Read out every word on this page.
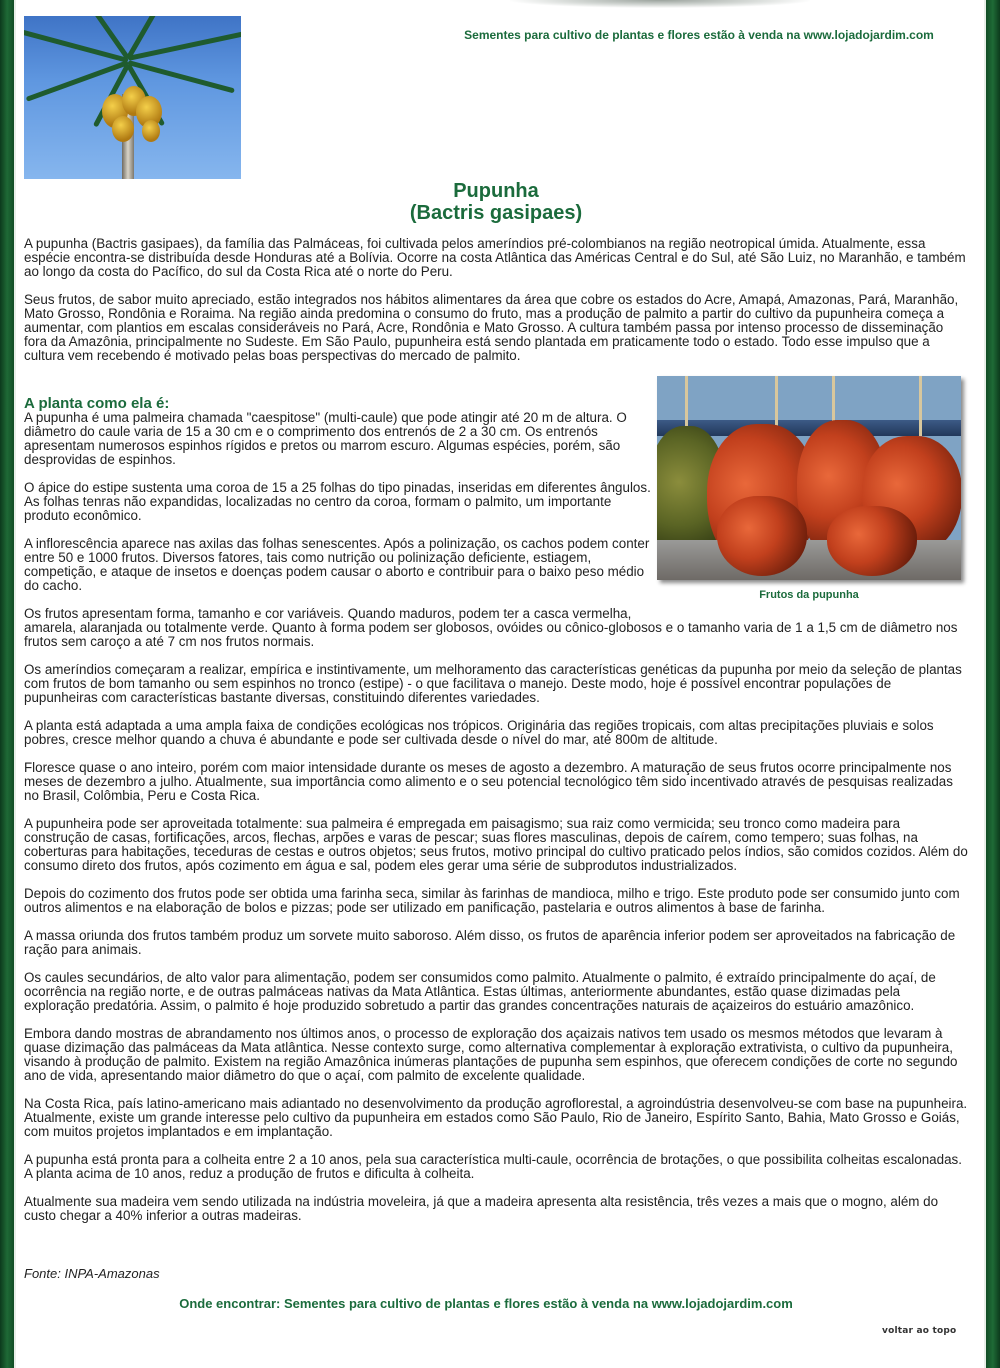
Sementes para cultivo de plantas e flores estão à venda na www.lojadojardim.com
Pupunha
(Bactris gasipaes)

A pupunha (Bactris gasipaes), da família das Palmáceas, foi cultivada pelos ameríndios pré-colombianos na região neotropical úmida. Atualmente, essa espécie encontra-se distribuída desde Honduras até a Bolívia. Ocorre na costa Atlântica das Américas Central e do Sul, até São Luiz, no Maranhão, e também ao longo da costa do Pacífico, do sul da Costa Rica até o norte do Peru.

Seus frutos, de sabor muito apreciado, estão integrados nos hábitos alimentares da área que cobre os estados do Acre, Amapá, Amazonas, Pará, Maranhão, Mato Grosso, Rondônia e Roraima. Na região ainda predomina o consumo do fruto, mas a produção de palmito a partir do cultivo da pupunheira começa a aumentar, com plantios em escalas consideráveis no Pará, Acre, Rondônia e Mato Grosso. A cultura também passa por intenso processo de disseminação fora da Amazônia, principalmente no Sudeste. Em São Paulo, pupunheira está sendo plantada em praticamente todo o estado. Todo esse impulso que a cultura vem recebendo é motivado pelas boas perspectivas do mercado de palmito.

A planta como ela é:

A pupunha é uma palmeira chamada "caespitose" (multi-caule) que pode atingir até 20 m de altura. O diâmetro do caule varia de 15 a 30 cm e o comprimento dos entrenós de 2 a 30 cm. Os entrenós apresentam numerosos espinhos rígidos e pretos ou marrom escuro. Algumas espécies, porém, são desprovidas de espinhos.

O ápice do estipe sustenta uma coroa de 15 a 25 folhas do tipo pinadas, inseridas em diferentes ângulos. As folhas tenras não expandidas, localizadas no centro da coroa, formam o palmito, um importante produto econômico.

A inflorescência aparece nas axilas das folhas senescentes. Após a polinização, os cachos podem conter entre 50 e 1000 frutos. Diversos fatores, tais como nutrição ou polinização deficiente, estiagem, competição, e ataque de insetos e doenças podem causar o aborto e contribuir para o baixo peso médio do cacho.

Frutos da pupunha

Os frutos apresentam forma, tamanho e cor variáveis. Quando maduros, podem ter a casca vermelha,

amarela, alaranjada ou totalmente verde. Quanto à forma podem ser globosos, ovóides ou cônico-globosos e o tamanho varia de 1 a 1,5 cm de diâmetro nos frutos sem caroço a até 7 cm nos frutos normais.

Os ameríndios começaram a realizar, empírica e instintivamente, um melhoramento das características genéticas da pupunha por meio da seleção de plantas com frutos de bom tamanho ou sem espinhos no tronco (estipe) - o que facilitava o manejo. Deste modo, hoje é possível encontrar populações de pupunheiras com características bastante diversas, constituindo diferentes variedades.

A planta está adaptada a uma ampla faixa de condições ecológicas nos trópicos. Originária das regiões tropicais, com altas precipitações pluviais e solos pobres, cresce melhor quando a chuva é abundante e pode ser cultivada desde o nível do mar, até 800m de altitude.

Floresce quase o ano inteiro, porém com maior intensidade durante os meses de agosto a dezembro. A maturação de seus frutos ocorre principalmente nos meses de dezembro a julho. Atualmente, sua importância como alimento e o seu potencial tecnológico têm sido incentivado através de pesquisas realizadas no Brasil, Colômbia, Peru e Costa Rica.

A pupunheira pode ser aproveitada totalmente: sua palmeira é empregada em paisagismo; sua raiz como vermicida; seu tronco como madeira para construção de casas, fortificações, arcos, flechas, arpões e varas de pescar; suas flores masculinas, depois de caírem, como tempero; suas folhas, na coberturas para habitações, teceduras de cestas e outros objetos; seus frutos, motivo principal do cultivo praticado pelos índios, são comidos cozidos. Além do consumo direto dos frutos, após cozimento em água e sal, podem eles gerar uma série de subprodutos industrializados.

Depois do cozimento dos frutos pode ser obtida uma farinha seca, similar às farinhas de mandioca, milho e trigo. Este produto pode ser consumido junto com outros alimentos e na elaboração de bolos e pizzas; pode ser utilizado em panificação, pastelaria e outros alimentos à base de farinha.

A massa oriunda dos frutos também produz um sorvete muito saboroso. Além disso, os frutos de aparência inferior podem ser aproveitados na fabricação de ração para animais.

Os caules secundários, de alto valor para alimentação, podem ser consumidos como palmito. Atualmente o palmito, é extraído principalmente do açaí, de ocorrência na região norte, e de outras palmáceas nativas da Mata Atlântica. Estas últimas, anteriormente abundantes, estão quase dizimadas pela exploração predatória. Assim, o palmito é hoje produzido sobretudo a partir das grandes concentrações naturais de açaizeiros do estuário amazônico.

Embora dando mostras de abrandamento nos últimos anos, o processo de exploração dos açaizais nativos tem usado os mesmos métodos que levaram à quase dizimação das palmáceas da Mata atlântica. Nesse contexto surge, como alternativa complementar à exploração extrativista, o cultivo da pupunheira, visando à produção de palmito. Existem na região Amazônica inúmeras plantações de pupunha sem espinhos, que oferecem condições de corte no segundo ano de vida, apresentando maior diâmetro do que o açaí, com palmito de excelente qualidade.

Na Costa Rica, país latino-americano mais adiantado no desenvolvimento da produção agroflorestal, a agroindústria desenvolveu-se com base na pupunheira. Atualmente, existe um grande interesse pelo cultivo da pupunheira em estados como São Paulo, Rio de Janeiro, Espírito Santo, Bahia, Mato Grosso e Goiás, com muitos projetos implantados e em implantação.

A pupunha está pronta para a colheita entre 2 a 10 anos, pela sua característica multi-caule, ocorrência de brotações, o que possibilita colheitas escalonadas. A planta acima de 10 anos, reduz a produção de frutos e dificulta à colheita.

Atualmente sua madeira vem sendo utilizada na indústria moveleira, já que a madeira apresenta alta resistência, três vezes a mais que o mogno, além do custo chegar a 40% inferior a outras madeiras.

Fonte: INPA-Amazonas
Onde encontrar: Sementes para cultivo de plantas e flores estão à venda na www.lojadojardim.com
voltar ao topo
